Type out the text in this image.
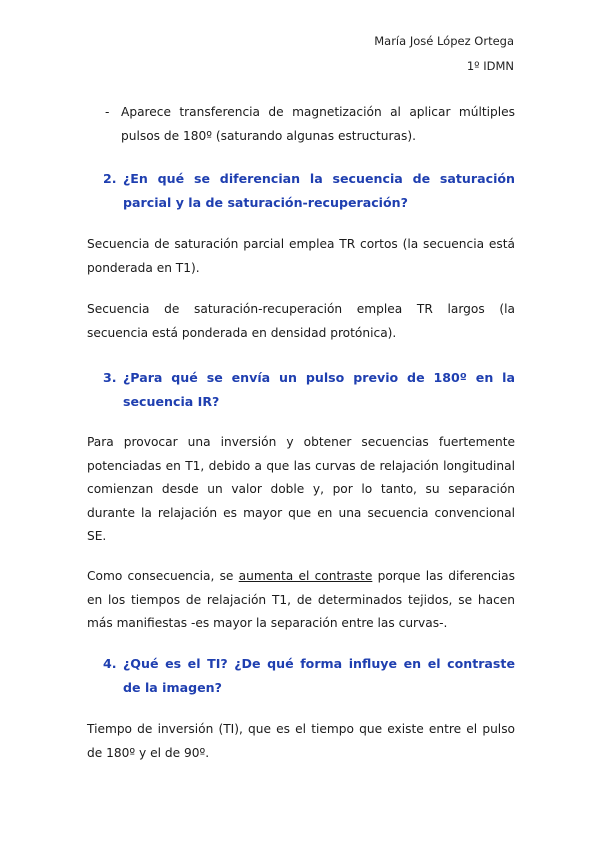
María José López Ortega
1º IDMN
- Aparece transferencia de magnetización al aplicar múltiples pulsos de 180º (saturando algunas estructuras).
2. ¿En qué se diferencian la secuencia de saturación parcial y la de saturación-recuperación?
Secuencia de saturación parcial emplea TR cortos (la secuencia está ponderada en T1).
Secuencia de saturación-recuperación emplea TR largos (la secuencia está ponderada en densidad protónica).
3. ¿Para qué se envía un pulso previo de 180º en la secuencia IR?
Para provocar una inversión y obtener secuencias fuertemente potenciadas en T1, debido a que las curvas de relajación longitudinal comienzan desde un valor doble y, por lo tanto, su separación durante la relajación es mayor que en una secuencia convencional SE.
Como consecuencia, se aumenta el contraste porque las diferencias en los tiempos de relajación T1, de determinados tejidos, se hacen más manifiestas -es mayor la separación entre las curvas-.
4. ¿Qué es el TI? ¿De qué forma influye en el contraste de la imagen?
Tiempo de inversión (TI), que es el tiempo que existe entre el pulso de 180º y el de 90º.
